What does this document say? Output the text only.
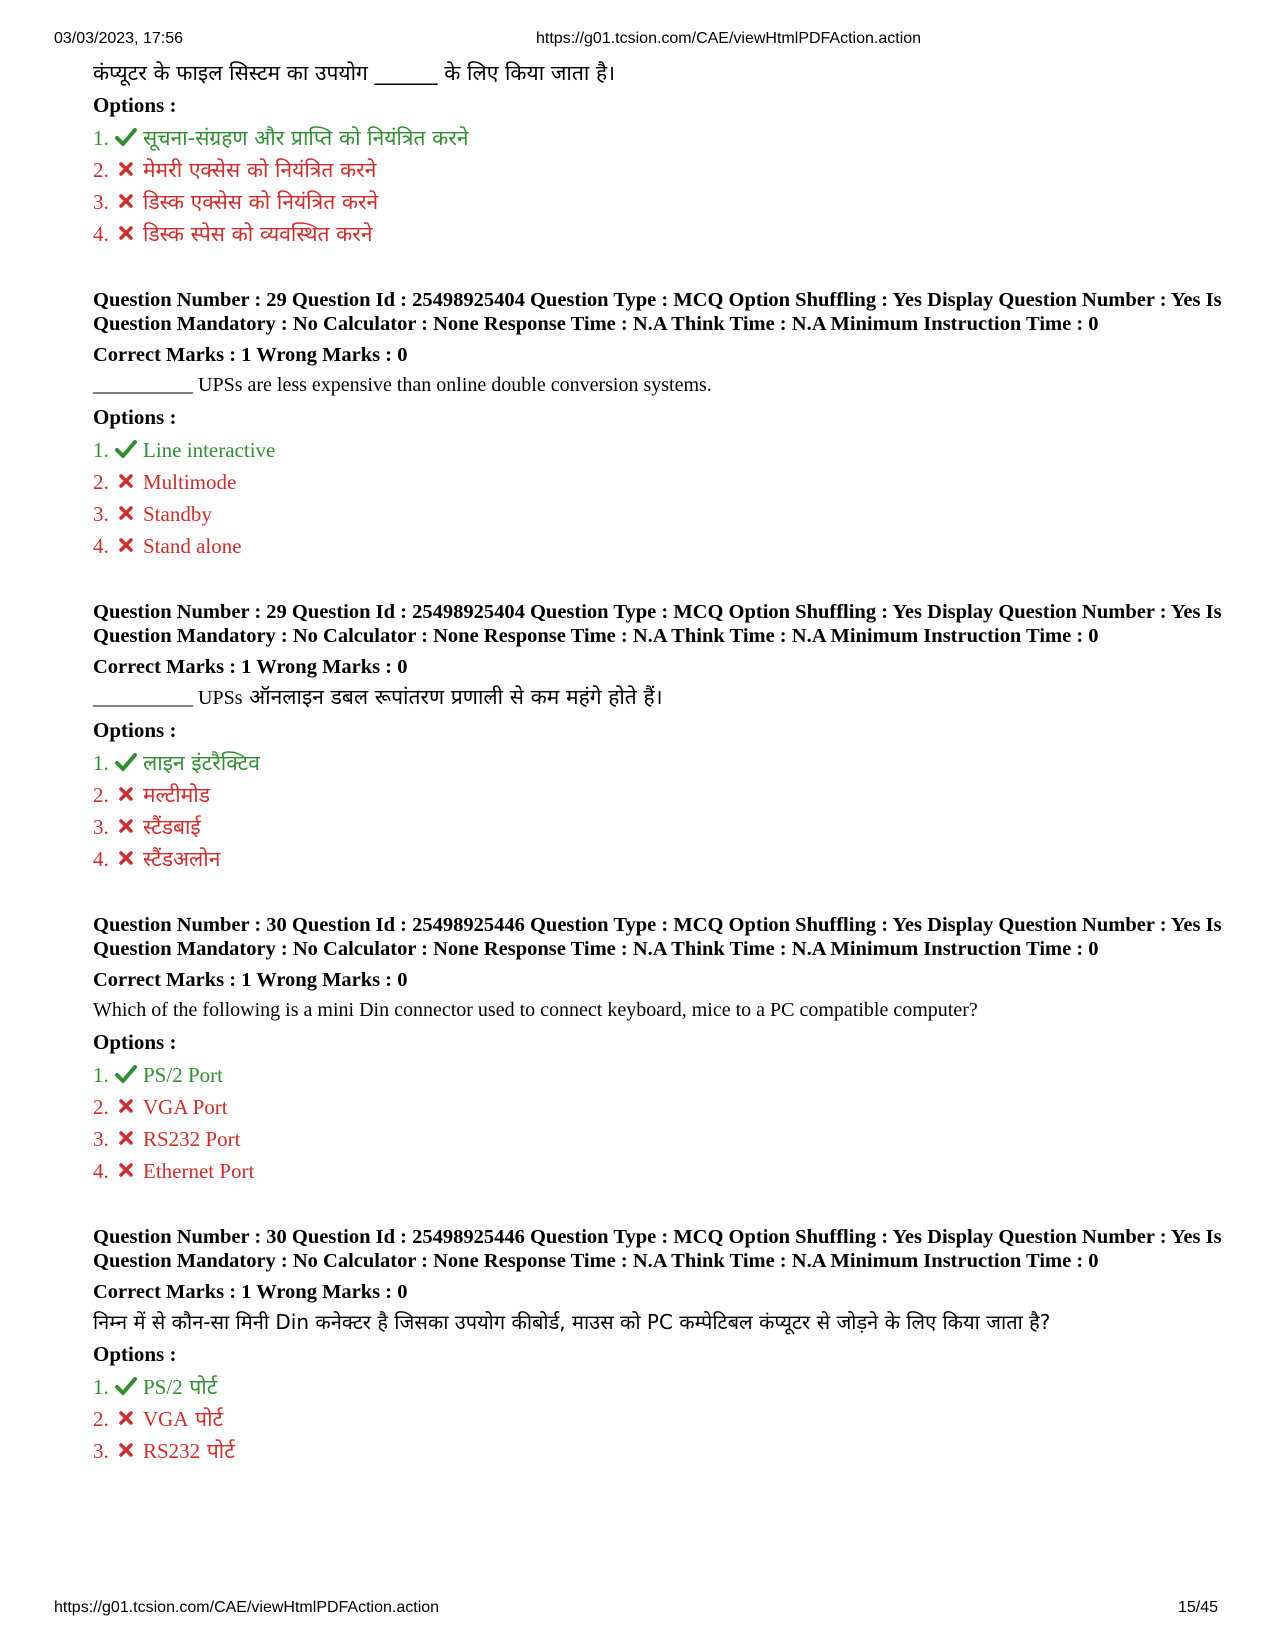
03/03/2023, 17:56	https://g01.tcsion.com/CAE/viewHtmlPDFAction.action

कंप्यूटर के फाइल सिस्टम का उपयोग ______ के लिए किया जाता है।

Options :
1. सूचना-संग्रहण और प्राप्ति को नियंत्रित करने
2. मेमरी एक्सेस को नियंत्रित करने
3. डिस्क एक्सेस को नियंत्रित करने
4. डिस्क स्पेस को व्यवस्थित करने

Question Number : 29 Question Id : 25498925404 Question Type : MCQ Option Shuffling : Yes Display Question Number : Yes Is Question Mandatory : No Calculator : None Response Time : N.A Think Time : N.A Minimum Instruction Time : 0

Correct Marks : 1 Wrong Marks : 0

__________ UPSs are less expensive than online double conversion systems.

Options :
1. Line interactive
2. Multimode
3. Standby
4. Stand alone

Question Number : 29 Question Id : 25498925404 Question Type : MCQ Option Shuffling : Yes Display Question Number : Yes Is Question Mandatory : No Calculator : None Response Time : N.A Think Time : N.A Minimum Instruction Time : 0

Correct Marks : 1 Wrong Marks : 0

__________ UPSs ऑनलाइन डबल रूपांतरण प्रणाली से कम महंगे होते हैं।

Options :
1. लाइन इंटरैक्टिव
2. मल्टीमोड
3. स्टैंडबाई
4. स्टैंडअलोन

Question Number : 30 Question Id : 25498925446 Question Type : MCQ Option Shuffling : Yes Display Question Number : Yes Is Question Mandatory : No Calculator : None Response Time : N.A Think Time : N.A Minimum Instruction Time : 0

Correct Marks : 1 Wrong Marks : 0

Which of the following is a mini Din connector used to connect keyboard, mice to a PC compatible computer?

Options :
1. PS/2 Port
2. VGA Port
3. RS232 Port
4. Ethernet Port

Question Number : 30 Question Id : 25498925446 Question Type : MCQ Option Shuffling : Yes Display Question Number : Yes Is Question Mandatory : No Calculator : None Response Time : N.A Think Time : N.A Minimum Instruction Time : 0

Correct Marks : 1 Wrong Marks : 0

निम्न में से कौन-सा मिनी Din कनेक्टर है जिसका उपयोग कीबोर्ड, माउस को PC कम्पेटिबल कंप्यूटर से जोड़ने के लिए किया जाता है?

Options :
1. PS/2 पोर्ट
2. VGA पोर्ट
3. RS232 पोर्ट
https://g01.tcsion.com/CAE/viewHtmlPDFAction.action	15/45
